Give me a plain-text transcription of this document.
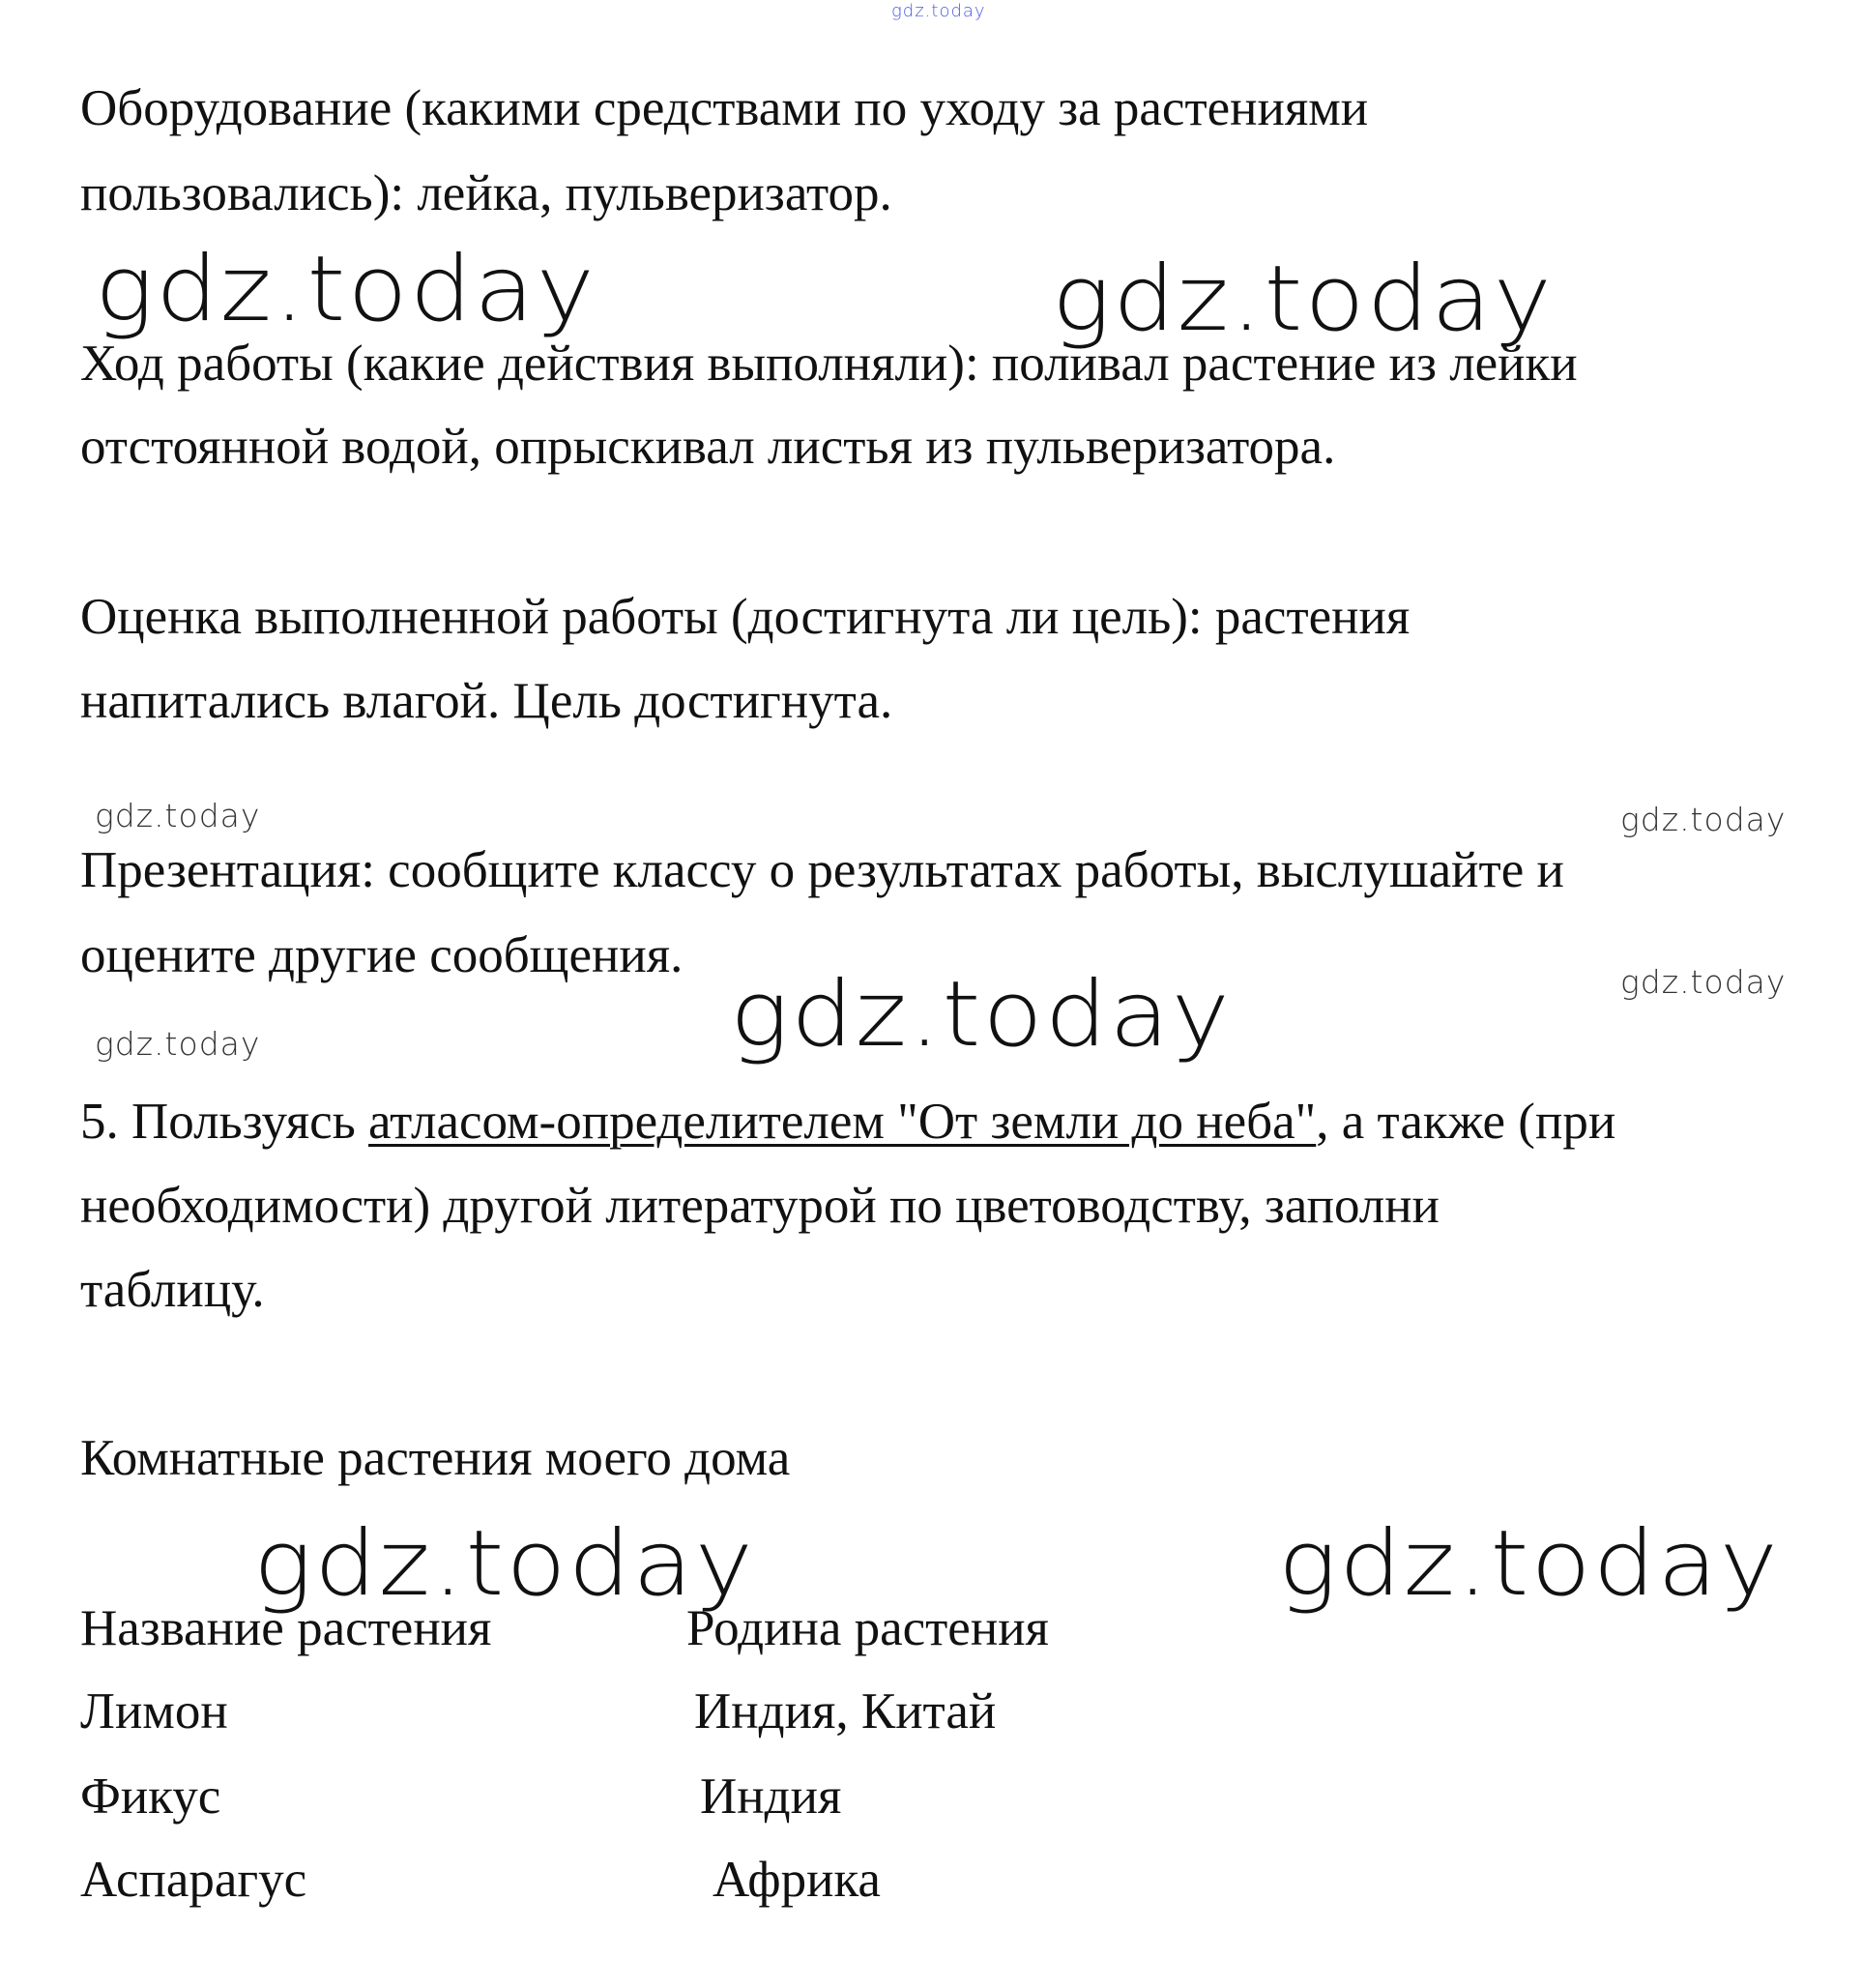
gdz.today

Оборудование (какими средствами по уходу за растениями

пользовались): лейка, пульверизатор.

gdz.today	gdz.today

Ход работы (какие действия выполняли): поливал растение из лейки

отстоянной водой, опрыскивал листья из пульверизатора.

Оценка выполненной работы (достигнута ли цель): растения

напитались влагой. Цель достигнута.

gdz.today	gdz.today

Презентация: сообщите классу о результатах работы, выслушайте и

оцените другие сообщения.	gdz.today
gdz.today
gdz.today

5. Пользуясь атласом-определителем "От земли до неба", а также (при

необходимости) другой литературой по цветоводству, заполни

таблицу.

Комнатные растения моего дома

gdz.today	gdz.today

Название растения	Родина растения

Лимон	Индия, Китай

Фикус	Индия

Аспарагус	Африка
